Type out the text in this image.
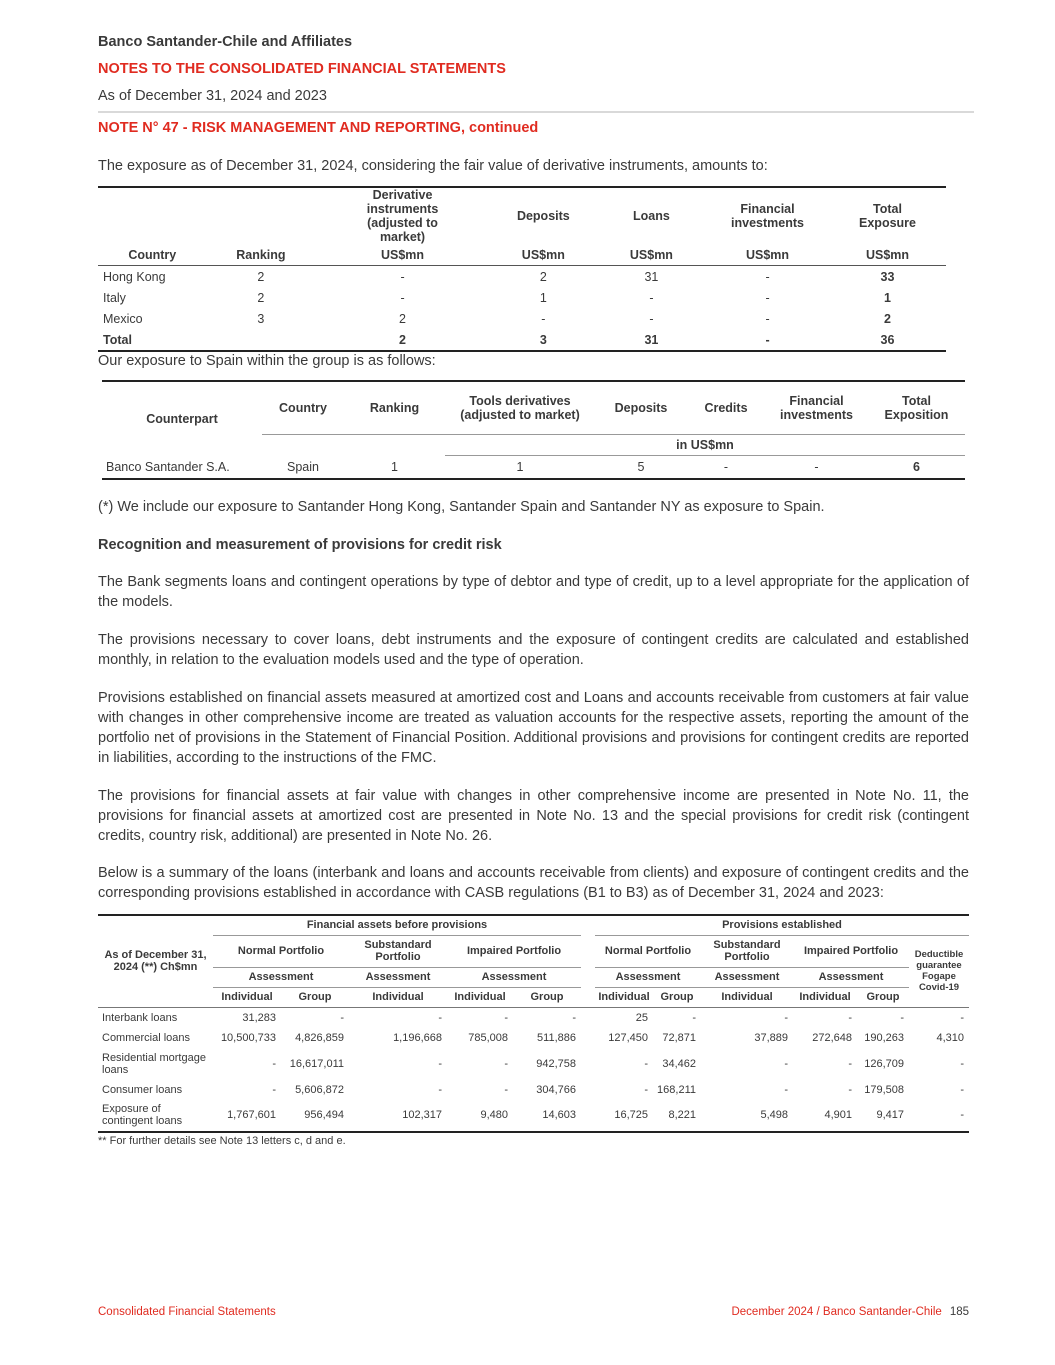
Banco Santander-Chile and Affiliates
NOTES TO THE CONSOLIDATED FINANCIAL STATEMENTS
As of December 31, 2024 and 2023
NOTE N° 47 - RISK MANAGEMENT AND REPORTING, continued
The exposure as of December 31, 2024, considering the fair value of derivative instruments, amounts to:
		Derivative instruments (adjusted to market)	Deposits	Loans	Financial investments	Total Exposure
Country	Ranking	US$mn	US$mn	US$mn	US$mn	US$mn
Hong Kong	2	-	2	31	-	33
Italy	2	-	1	-	-	1
Mexico	3	2	-	-	-	2
Total		2	3	31	-	36
Our exposure to Spain within the group is as follows:
Counterpart	Country	Ranking	Tools derivatives (adjusted to market)	Deposits	Credits	Financial investments	Total Exposition
			in US$mn				
Banco Santander S.A.	Spain	1	1	5	-	-	6
(*) We include our exposure to Santander Hong Kong, Santander Spain and Santander NY as exposure to Spain.
Recognition and measurement of provisions for credit risk
The Bank segments loans and contingent operations by type of debtor and type of credit, up to a level appropriate for the application of the models.
The provisions necessary to cover loans, debt instruments and the exposure of contingent credits are calculated and established monthly, in relation to the evaluation models used and the type of operation.
Provisions established on financial assets measured at amortized cost and Loans and accounts receivable from customers at fair value with changes in other comprehensive income are treated as valuation accounts for the respective assets, reporting the amount of the portfolio net of provisions in the Statement of Financial Position. Additional provisions and provisions for contingent credits are reported in liabilities, according to the instructions of the FMC.
The provisions for financial assets at fair value with changes in other comprehensive income are presented in Note No. 11, the provisions for financial assets at amortized cost are presented in Note No. 13 and the special provisions for credit risk (contingent credits, country risk, additional) are presented in Note No. 26.
Below is a summary of the loans (interbank and loans and accounts receivable from clients) and exposure of contingent credits and the corresponding provisions established in accordance with CASB regulations (B1 to B3) as of December 31, 2024 and 2023:
As of December 31, 2024 (**) Ch$mn	Financial assets before provisions						Provisions established					
	Normal Portfolio		Substandard Portfolio	Impaired Portfolio			Normal Portfolio		Substandard Portfolio	Impaired Portfolio		Deductible guarantee Fogape Covid-19
	Assessment		Assessment	Assessment			Assessment		Assessment	Assessment		
	Individual	Group	Individual	Individual	Group		Individual	Group	Individual	Individual	Group	
Interbank loans	31,283	-	-	-	-		25	-	-	-	-	-
Commercial loans	10,500,733	4,826,859	1,196,668	785,008	511,886		127,450	72,871	37,889	272,648	190,263	4,310
Residential mortgage loans	-	16,617,011	-	-	942,758		-	34,462	-	-	126,709	-
Consumer loans	-	5,606,872	-	-	304,766		-	168,211	-	-	179,508	-
Exposure of contingent loans	1,767,601	956,494	102,317	9,480	14,603		16,725	8,221	5,498	4,901	9,417	-
** For further details see Note 13 letters c, d and e.
Consolidated Financial Statements	December 2024 / Banco Santander-Chile 185
